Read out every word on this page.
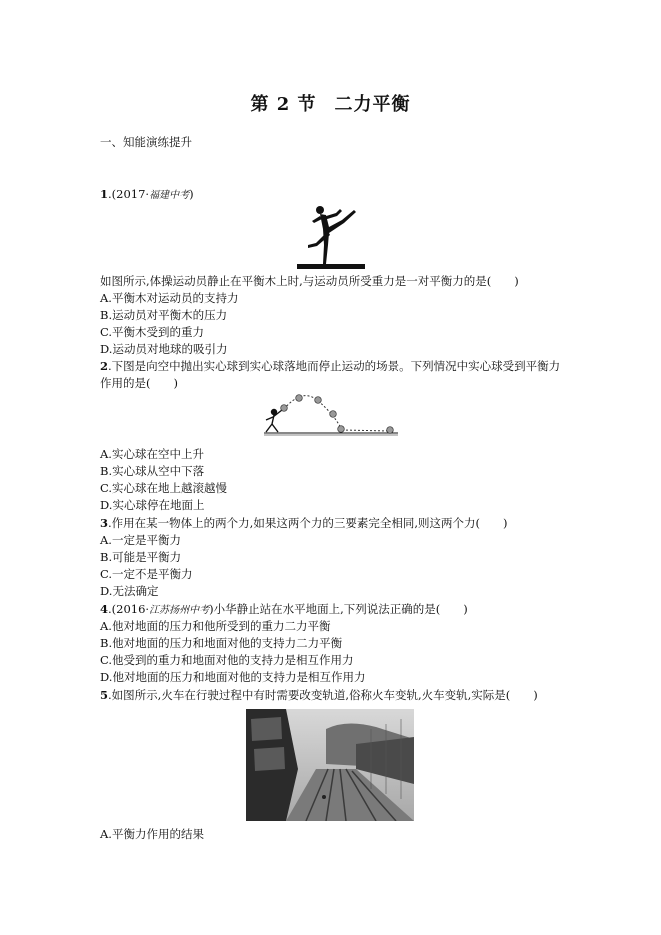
第 2 节 二力平衡
一、知能演练提升
1.(2017·福建中考)
如图所示,体操运动员静止在平衡木上时,与运动员所受重力是一对平衡力的是(　　)
A.平衡木对运动员的支持力
B.运动员对平衡木的压力
C.平衡木受到的重力
D.运动员对地球的吸引力
2.下图是向空中抛出实心球到实心球落地而停止运动的场景。下列情况中实心球受到平衡力
作用的是(　　)
A.实心球在空中上升
B.实心球从空中下落
C.实心球在地上越滚越慢
D.实心球停在地面上
3.作用在某一物体上的两个力,如果这两个力的三要素完全相同,则这两个力(　　)
A.一定是平衡力
B.可能是平衡力
C.一定不是平衡力
D.无法确定
4.(2016·江苏扬州中考)小华静止站在水平地面上,下列说法正确的是(　　)
A.他对地面的压力和他所受到的重力二力平衡
B.他对地面的压力和地面对他的支持力二力平衡
C.他受到的重力和地面对他的支持力是相互作用力
D.他对地面的压力和地面对他的支持力是相互作用力
5.如图所示,火车在行驶过程中有时需要改变轨道,俗称火车变轨,火车变轨,实际是(　　)
A.平衡力作用的结果
